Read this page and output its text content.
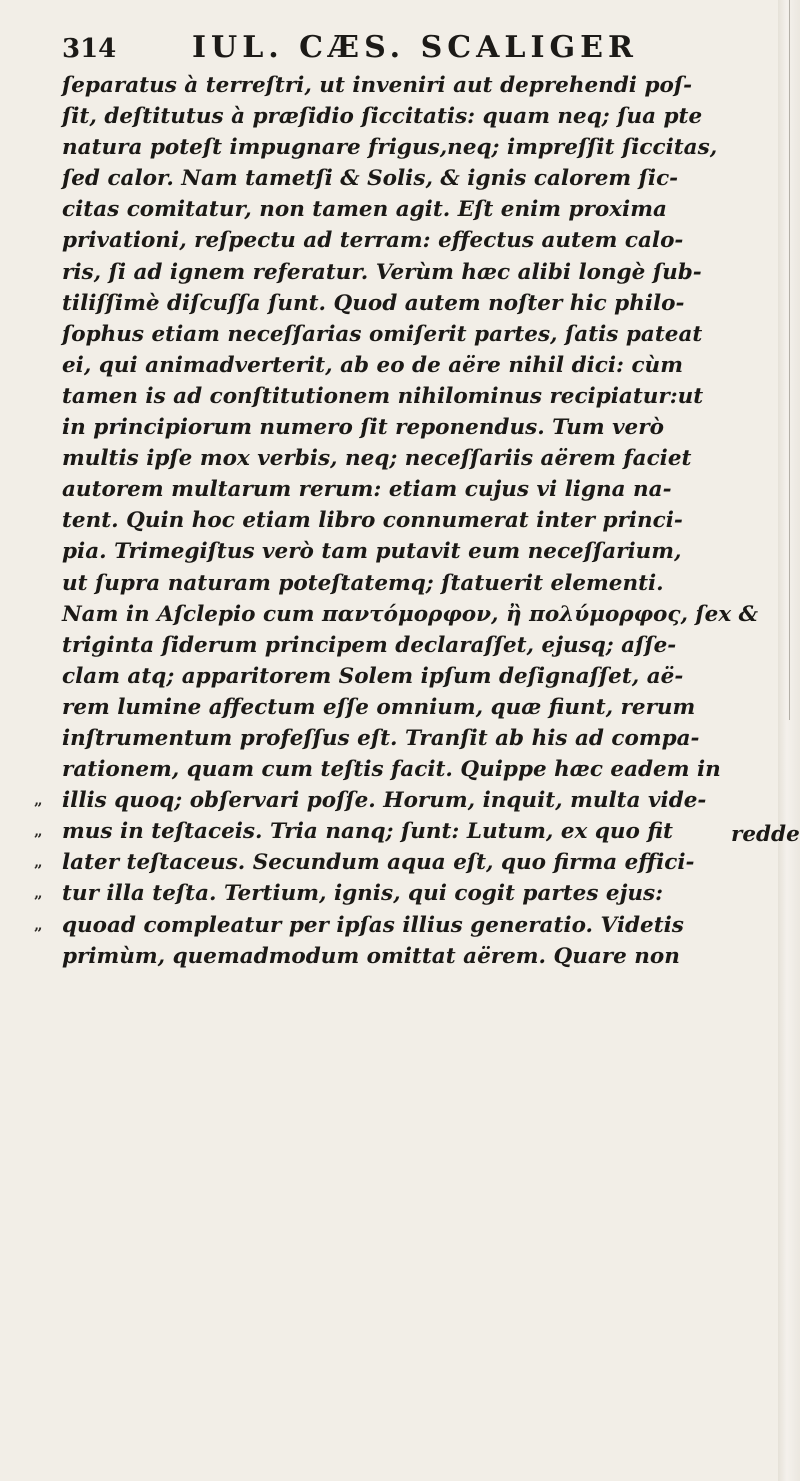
314	IUL. CÆS. SCALIGER
ſeparatus à terreſtri, ut inveniri aut deprehendi poſ-
ſit, deſtitutus à præſidio ſiccitatis: quam neq; ſua pte
natura poteſt impugnare frigus,neq; impreſſit ſiccitas,
ſed calor. Nam tametſi & Solis, & ignis calorem ſic-
citas comitatur, non tamen agit. Eſt enim proxima
privationi, reſpectu ad terram: effectus autem calo-
ris, ſi ad ignem referatur. Verùm hæc alibi longè ſub-
tiliſſimè diſcuſſa ſunt. Quod autem noſter hic philo-
ſophus etiam neceſſarias omiſerit partes, ſatis pateat
ei, qui animadverterit, ab eo de aëre nihil dici: cùm
tamen is ad conſtitutionem nihilominus recipiatur:ut
in principiorum numero ſit reponendus. Tum verò
multis ipſe mox verbis, neq; neceſſariis aërem faciet
autorem multarum rerum: etiam cujus vi ligna na-
tent. Quin hoc etiam libro connumerat inter princi-
pia. Trimegiſtus verò tam putavit eum neceſſarium,
ut ſupra naturam poteſtatemq; ſtatuerit elementi.
Nam in Aſclepio cum παντόμορφον, ἢ πολύμορφος, ſex &
triginta ſiderum principem declaraſſet, ejusq; aſſe-
clam atq; apparitorem Solem ipſum deſignaſſet, aë-
rem lumine affectum eſſe omnium, quæ fiunt, rerum
inſtrumentum profeſſus eſt. Tranſit ab his ad compa-
rationem, quam cum teſtis facit. Quippe hæc eadem in
„ illis quoq; obſervari poſſe. Horum, inquit, multa vide-
„ mus in teſtaceis. Tria nanq; ſunt: Lutum, ex quo fit
„ later teſtaceus. Secundum aqua eſt, quo firma effici-
„ tur illa teſta. Tertium, ignis, qui cogit partes ejus:
„ quoad compleatur per ipſas illius generatio. Videtis
primùm, quemadmodum omittat aërem. Quare non
redde
